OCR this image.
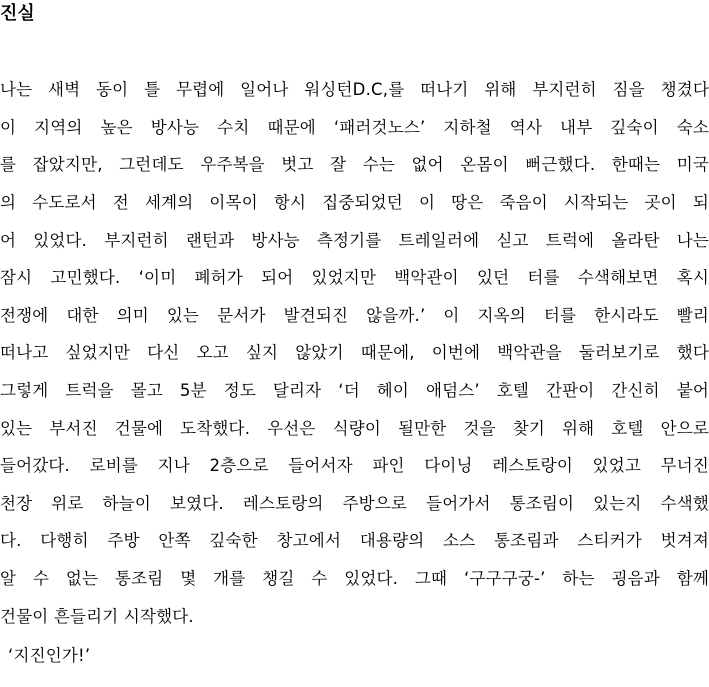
진실
나는 새벽 동이 틀 무렵에 일어나 워싱턴D.C,를 떠나기 위해 부지런히 짐을 챙겼다
이 지역의 높은 방사능 수치 때문에 ‘패러것노스’ 지하철 역사 내부 깊숙이 숙소
를 잡았지만, 그런데도 우주복을 벗고 잘 수는 없어 온몸이 뻐근했다. 한때는 미국
의 수도로서 전 세계의 이목이 항시 집중되었던 이 땅은 죽음이 시작되는 곳이 되
어 있었다. 부지런히 랜턴과 방사능 측정기를 트레일러에 싣고 트럭에 올라탄 나는
잠시 고민했다. ‘이미 폐허가 되어 있었지만 백악관이 있던 터를 수색해보면 혹시
전쟁에 대한 의미 있는 문서가 발견되진 않을까.’ 이 지옥의 터를 한시라도 빨리
떠나고 싶었지만 다신 오고 싶지 않았기 때문에, 이번에 백악관을 둘러보기로 했다
그렇게 트럭을 몰고 5분 정도 달리자 ‘더 헤이 애덤스’ 호텔 간판이 간신히 붙어
있는 부서진 건물에 도착했다. 우선은 식량이 될만한 것을 찾기 위해 호텔 안으로
들어갔다. 로비를 지나 2층으로 들어서자 파인 다이닝 레스토랑이 있었고 무너진
천장 위로 하늘이 보였다. 레스토랑의 주방으로 들어가서 통조림이 있는지 수색했
다. 다행히 주방 안쪽 깊숙한 창고에서 대용량의 소스 통조림과 스티커가 벗겨져
알 수 없는 통조림 몇 개를 챙길 수 있었다. 그때 ‘구구구궁-’ 하는 굉음과 함께
건물이 흔들리기 시작했다.
‘지진인가!’
